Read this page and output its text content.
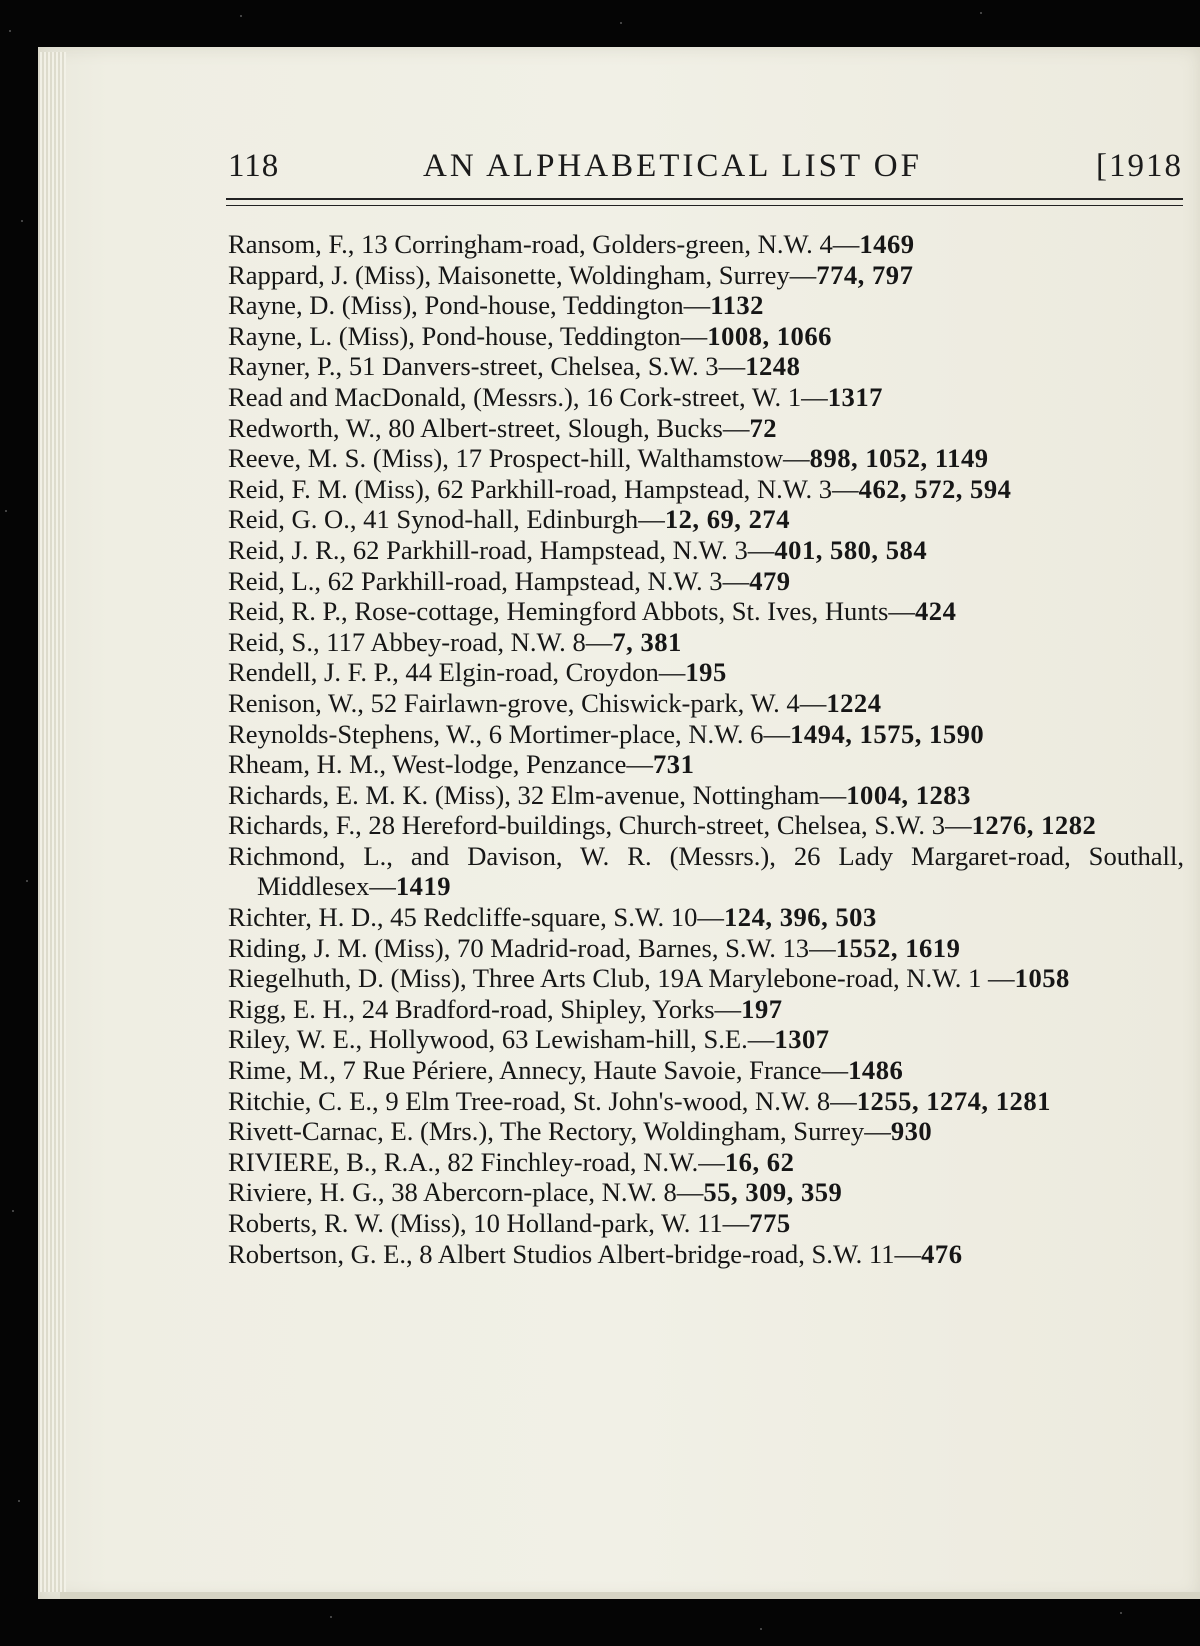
118	AN ALPHABETICAL LIST OF	[1918
Ransom, F., 13 Corringham-road, Golders-green, N.W. 4—1469
Rappard, J. (Miss), Maisonette, Woldingham, Surrey—774, 797
Rayne, D. (Miss), Pond-house, Teddington—1132
Rayne, L. (Miss), Pond-house, Teddington—1008, 1066
Rayner, P., 51 Danvers-street, Chelsea, S.W. 3—1248
Read and MacDonald, (Messrs.), 16 Cork-street, W. 1—1317
Redworth, W., 80 Albert-street, Slough, Bucks—72
Reeve, M. S. (Miss), 17 Prospect-hill, Walthamstow—898, 1052, 1149
Reid, F. M. (Miss), 62 Parkhill-road, Hampstead, N.W. 3—462, 572, 594
Reid, G. O., 41 Synod-hall, Edinburgh—12, 69, 274
Reid, J. R., 62 Parkhill-road, Hampstead, N.W. 3—401, 580, 584
Reid, L., 62 Parkhill-road, Hampstead, N.W. 3—479
Reid, R. P., Rose-cottage, Hemingford Abbots, St. Ives, Hunts—424
Reid, S., 117 Abbey-road, N.W. 8—7, 381
Rendell, J. F. P., 44 Elgin-road, Croydon—195
Renison, W., 52 Fairlawn-grove, Chiswick-park, W. 4—1224
Reynolds-Stephens, W., 6 Mortimer-place, N.W. 6—1494, 1575, 1590
Rheam, H. M., West-lodge, Penzance—731
Richards, E. M. K. (Miss), 32 Elm-avenue, Nottingham—1004, 1283
Richards, F., 28 Hereford-buildings, Church-street, Chelsea, S.W. 3—1276, 1282
Richmond, L., and Davison, W. R. (Messrs.), 26 Lady Margaret-road, Southall, Middlesex—1419
Richter, H. D., 45 Redcliffe-square, S.W. 10—124, 396, 503
Riding, J. M. (Miss), 70 Madrid-road, Barnes, S.W. 13—1552, 1619
Riegelhuth, D. (Miss), Three Arts Club, 19A Marylebone-road, N.W. 1 —1058
Rigg, E. H., 24 Bradford-road, Shipley, Yorks—197
Riley, W. E., Hollywood, 63 Lewisham-hill, S.E.—1307
Rime, M., 7 Rue Périere, Annecy, Haute Savoie, France—1486
Ritchie, C. E., 9 Elm Tree-road, St. John's-wood, N.W. 8—1255, 1274, 1281
Rivett-Carnac, E. (Mrs.), The Rectory, Woldingham, Surrey—930
RIVIERE, B., R.A., 82 Finchley-road, N.W.—16, 62
Riviere, H. G., 38 Abercorn-place, N.W. 8—55, 309, 359
Roberts, R. W. (Miss), 10 Holland-park, W. 11—775
Robertson, G. E., 8 Albert Studios Albert-bridge-road, S.W. 11—476
